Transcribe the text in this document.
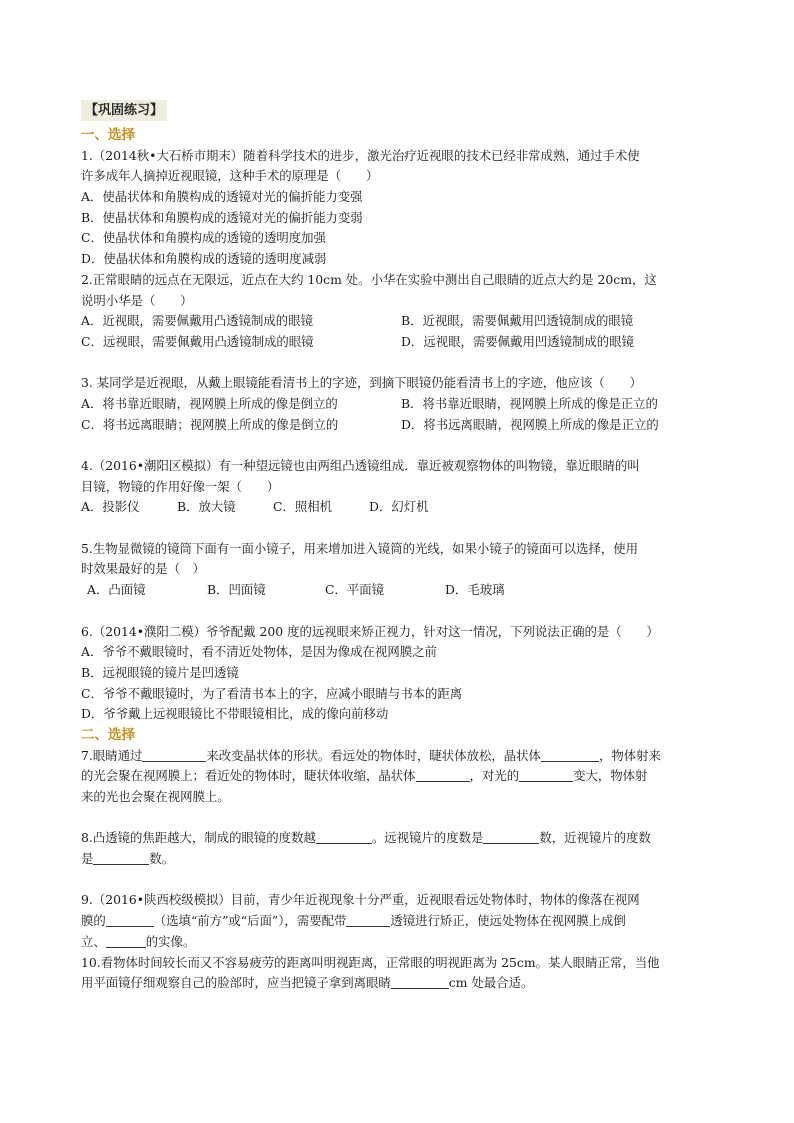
【巩固练习】
一、选择
1.（2014秋•大石桥市期末）随着科学技术的进步，激光治疗近视眼的技术已经非常成熟，通过手术使
许多成年人摘掉近视眼镜，这种手术的原理是（　　）
A．使晶状体和角膜构成的透镜对光的偏折能力变强
B．使晶状体和角膜构成的透镜对光的偏折能力变弱
C．使晶状体和角膜构成的透镜的透明度加强
D．使晶状体和角膜构成的透镜的透明度减弱
2.正常眼睛的远点在无限远，近点在大约 10cm 处。小华在实验中测出自己眼睛的近点大约是 20cm，这
说明小华是（　　）
A．近视眼，需要佩戴用凸透镜制成的眼镜	B．近视眼，需要佩戴用凹透镜制成的眼镜
C．远视眼，需要佩戴用凸透镜制成的眼镜	D．远视眼，需要佩戴用凹透镜制成的眼镜
3. 某同学是近视眼，从戴上眼镜能看清书上的字迹，到摘下眼镜仍能看清书上的字迹，他应该（　　）
A．将书靠近眼睛，视网膜上所成的像是倒立的	B．将书靠近眼睛，视网膜上所成的像是正立的
C．将书远离眼睛；视网膜上所成的像是倒立的	D．将书远离眼睛，视网膜上所成的像是正立的
4.（2016•潮阳区模拟）有一种望远镜也由两组凸透镜组成．靠近被观察物体的叫物镜，靠近眼睛的叫
目镜，物镜的作用好像一架（　　）
A．投影仪	B．放大镜	C．照相机	D．幻灯机
5.生物显微镜的镜筒下面有一面小镜子，用来增加进入镜筒的光线，如果小镜子的镜面可以选择，使用
时效果最好的是（　）
A．凸面镜	B．凹面镜	C．平面镜	D．毛玻璃
6.（2014•濮阳二模）爷爷配戴 200 度的远视眼来矫正视力，针对这一情况，下列说法正确的是（　　）
A．爷爷不戴眼镜时，看不清近处物体，是因为像成在视网膜之前
B．远视眼镜的镜片是凹透镜
C．爷爷不戴眼镜时，为了看清书本上的字，应减小眼睛与书本的距离
D．爷爷戴上远视眼镜比不带眼镜相比，成的像向前移动
二、选择
7.眼睛通过	来改变晶状体的形状。看远处的物体时，睫状体放松，晶状体	，物体射来
的光会聚在视网膜上；看近处的物体时，睫状体收缩，晶状体	，对光的	变大，物体射
来的光也会聚在视网膜上。
8.凸透镜的焦距越大，制成的眼镜的度数越	。远视镜片的度数是	数，近视镜片的度数
是	数。
9.（2016•陕西校级模拟）目前，青少年近视现象十分严重，近视眼看远处物体时，物体的像落在视网
膜的	（选填“前方”或“后面”），需要配带	透镜进行矫正，使远处物体在视网膜上成倒
立、	的实像。
10.看物体时间较长而又不容易疲劳的距离叫明视距离，正常眼的明视距离为 25cm。某人眼睛正常，当他
用平面镜仔细观察自己的脸部时，应当把镜子拿到离眼睛	cm 处最合适。
